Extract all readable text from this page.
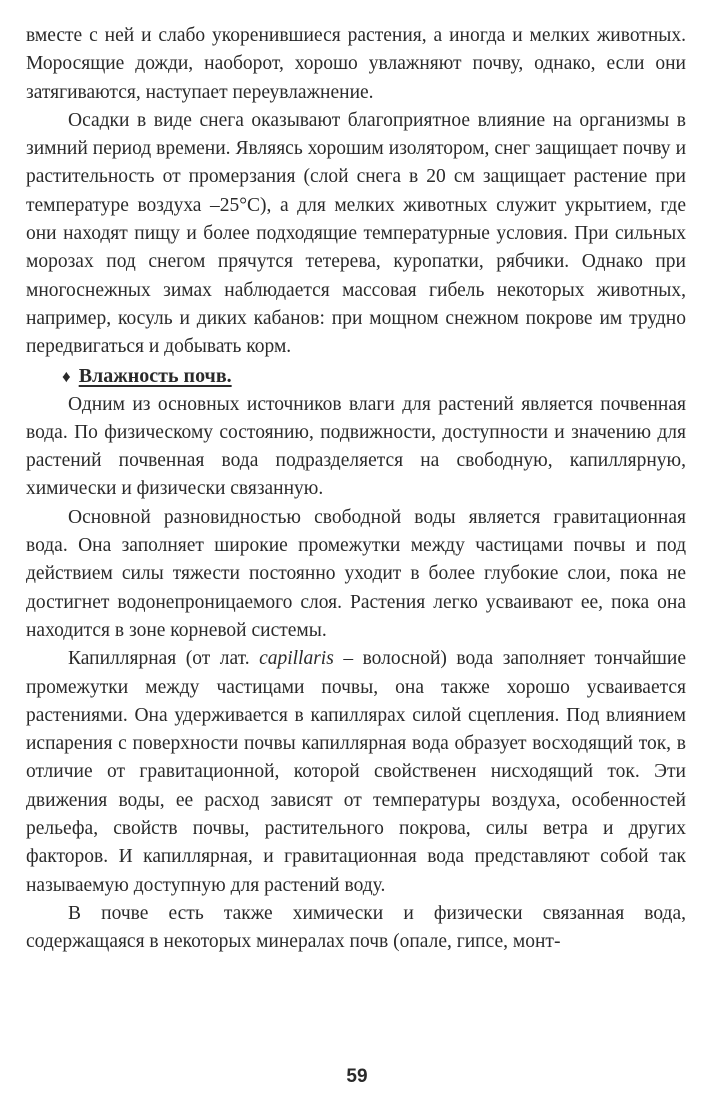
вместе с ней и слабо укоренившиеся растения, а иногда и мелких животных. Моросящие дожди, наоборот, хорошо увлажняют почву, однако, если они затягиваются, наступает переувлажнение.

Осадки в виде снега оказывают благоприятное влияние на организмы в зимний период времени. Являясь хорошим изолятором, снег защищает почву и растительность от промерзания (слой снега в 20 см защищает растение при температуре воздуха –25°С), а для мелких животных служит укрытием, где они находят пищу и более подходящие температурные условия. При сильных морозах под снегом прячутся тетерева, куропатки, рябчики. Однако при многоснежных зимах наблюдается массовая гибель некоторых животных, например, косуль и диких кабанов: при мощном снежном покрове им трудно передвигаться и добывать корм.

♦ Влажность почв.

Одним из основных источников влаги для растений является почвенная вода. По физическому состоянию, подвижности, доступности и значению для растений почвенная вода подразделяется на свободную, капиллярную, химически и физически связанную.

Основной разновидностью свободной воды является гравитационная вода. Она заполняет широкие промежутки между частицами почвы и под действием силы тяжести постоянно уходит в более глубокие слои, пока не достигнет водонепроницаемого слоя. Растения легко усваивают ее, пока она находится в зоне корневой системы.

Капиллярная (от лат. capillaris – волосной) вода заполняет тончайшие промежутки между частицами почвы, она также хорошо усваивается растениями. Она удерживается в капиллярах силой сцепления. Под влиянием испарения с поверхности почвы капиллярная вода образует восходящий ток, в отличие от гравитационной, которой свойственен нисходящий ток. Эти движения воды, ее расход зависят от температуры воздуха, особенностей рельефа, свойств почвы, растительного покрова, силы ветра и других факторов. И капиллярная, и гравитационная вода представляют собой так называемую доступную для растений воду.

В почве есть также химически и физически связанная вода, содержащаяся в некоторых минералах почв (опале, гипсе, монт-

59
